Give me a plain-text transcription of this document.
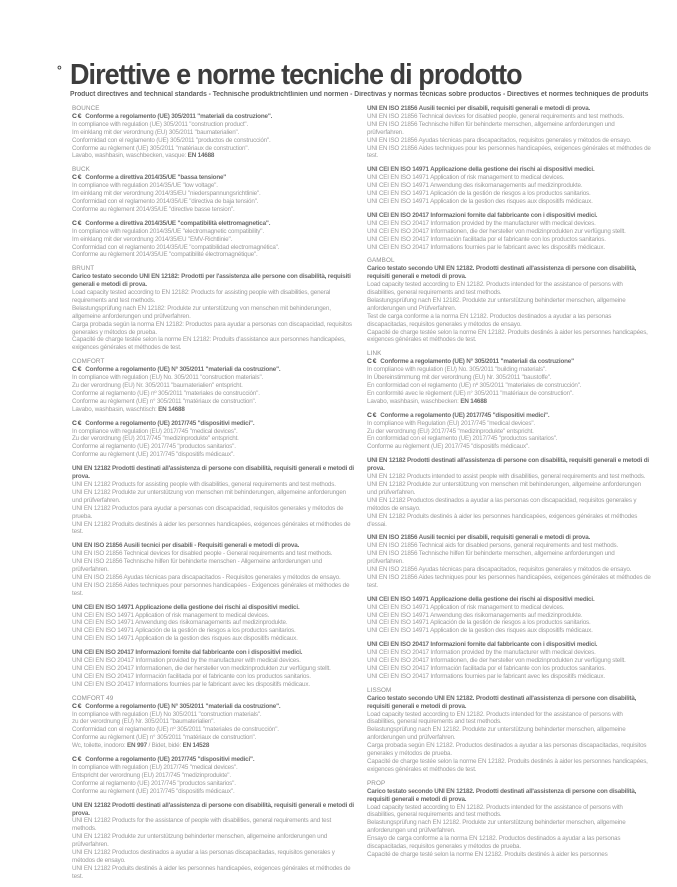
° Direttive e norme tecniche di prodotto
Product directives and technical standards - Technische produktrichtlinien und normen - Directivas y normas técnicas sobre productos - Directives et normes techniques de produits
BOUNCE
C€ Conforme a regolamento (UE) 305/2011 "materiali da costruzione".
In compliance with regulation (UE) 305/2011 "construction product".
Im einklang mit der verordnung (EU) 305/2011 "baumaterialien".
Conformidad con el reglamento (UE) 305/2011 "productos de construcción".
Conforme au règlement (UE) 305/2011 "matériaux de construction".
Lavabo, washbasin, waschbecken, vasque: EN 14688
BUCK
C€ Conforme a direttiva 2014/35/UE "bassa tensione"
In compliance with regulation 2014/35/UE "low voltage".
Im einklang mit der verordnung 2014/35/EU "niederspannungsrichtlinie".
Conformidad con el reglamento 2014/35/UE "directiva de baja tensión".
Conforme au règlement 2014/35/UE "directive basse tension".
C€ Conforme a direttiva 2014/35/UE "compatibilità elettromagnetica".
In compliance with regulation 2014/35/UE "electromagnetic compatibility".
Im einklang mit der verordnung 2014/35/EU "EMV-Richtlinie".
Conformidad con el reglamento 2014/35/UE "compatibilidad electromagnética".
Conforme au règlement 2014/35/UE "compatibilité électromagnétique".
BRUNT
Carico testato secondo UNI EN 12182: Prodotti per l'assistenza alle persone con disabilità, requisiti generali e metodi di prova.
Load capacity tested according to EN 12182: Products for assisting people with disabilities, general requirements and test methods.
Belastungsprüfung nach EN 12182: Produkte zur unterstützung von menschen mit behinderungen, allgemeine anforderungen und prüfverfahren.
Carga probada según la norma EN 12182: Productos para ayudar a personas con discapacidad, requisitos generales y métodos de prueba.
Capacité de charge testée selon la norme EN 12182: Produits d'assistance aux personnes handicapées, exigences générales et méthodes de test.
COMFORT
C€ Conforme a regolamento (UE) N° 305/2011 "materiali da costruzione".
In compliance with regulation (EU) No. 305/2011 "construction materials".
Zu der verordnung (EU) Nr. 305/2011 "baumaterialien" entspricht.
Conforme al reglamento (UE) nº 305/2011 "materiales de construcción".
Conforme au règlement (UE) n° 305/2011 "matériaux de construction".
Lavabo, washbasin, waschtisch: EN 14688
C€ Conforme a regolamento (UE) 2017/745 "dispositivi medici".
In compliance with regulation (EU) 2017/745 "medical devices".
Zu der verordnung (EU) 2017/745 "medizinprodukte" entspricht.
Conforme al reglamento (UE) 2017/745 "productos sanitarios".
Conforme au règlement (UE) 2017/745 "dispositifs médicaux".
UNI EN 12182 Prodotti destinati all'assistenza di persone con disabilità, requisiti generali e metodi di prova.
UNI EN 12182 Products for assisting people with disabilities, general requirements and test methods.
UNI EN 12182 Produkte zur unterstützung von menschen mit behinderungen, allgemeine anforderungen und prüfverfahren.
UNI EN 12182 Productos para ayudar a personas con discapacidad, requisitos generales y métodos de prueba.
UNI EN 12182 Produits destinés à aider les personnes handicapées, exigences générales et méthodes de test.
UNI EN ISO 21856 Ausili tecnici per disabili - Requisiti generali e metodi di prova.
UNI EN ISO 21856 Technical devices for disabled people - General requirements and test methods.
UNI EN ISO 21856 Technische hilfen für behinderte menschen - Allgemeine anforderungen und prüfverfahren.
UNI EN ISO 21856 Ayudas técnicas para discapacitados - Requisitos generales y métodos de ensayo.
UNI EN ISO 21856 Aides techniques pour personnes handicapées - Exigences générales et méthodes de test.
UNI CEI EN ISO 14971 Applicazione della gestione dei rischi ai dispositivi medici.
UNI CEI EN ISO 14971 Application of risk management to medical devices.
UNI CEI EN ISO 14971 Anwendung des risikomanagements auf medizinprodukte.
UNI CEI EN ISO 14971 Aplicación de la gestión de riesgos a los productos sanitarios.
UNI CEI EN ISO 14971 Application de la gestion des risques aux dispositifs médicaux.
UNI CEI EN ISO 20417 Informazioni fornite dal fabbricante con i dispositivi medici.
UNI CEI EN ISO 20417 Information provided by the manufacturer with medical devices.
UNI CEI EN ISO 20417 Informationen, die der hersteller von medizinprodukten zur verfügung stellt.
UNI CEI EN ISO 20417 Información facilitada por el fabricante con los productos sanitarios.
UNI CEI EN ISO 20417 Informations fournies par le fabricant avec les dispositifs médicaux.
COMFORT 49
C€ Conforme a regolamento (UE) N° 305/2011 "materiali da costruzione".
In compliance with regulation (EU) No 305/2011 "construction materials".
zu der verordnung (EU) Nr. 305/2011 "baumaterialien".
Conformidad con el reglamento (UE) nº 305/2011 "materiales de construcción".
Conforme au règlement (UE) n° 305/2011 "matériaux de construction".
Wc, toilette, inodoro: EN 997 / Bidet, bidé: EN 14528
C€ Conforme a regolamento (UE) 2017/745 "dispositivi medici".
In compliance with regulation (EU) 2017/745 "medical devices".
Entspricht der verordnung (EU) 2017/745 "medizinprodukte".
Conforme al reglamento (UE) 2017/745 "productos sanitarios".
Conforme au règlement (UE) 2017/745 "dispositifs médicaux".
UNI EN 12182 Prodotti destinati all'assistenza di persone con disabilità, requisiti generali e metodi di prova.
UNI EN 12182 Products for the assistance of people with disabilities, general requirements and test methods.
UNI EN 12182 Produkte zur unterstützung behinderter menschen, allgemeine anforderungen und prüfverfahren.
UNI EN 12182 Productos destinados a ayudar a las personas discapacitadas, requisitos generales y métodos de ensayo.
UNI EN 12182 Produits destinés à aider les personnes handicapées, exigences générales et méthodes de test.
UNI EN ISO 21856 Ausili tecnici per disabili, requisiti generali e metodi di prova.
UNI EN ISO 21856 Technical devices for disabled people, general requirements and test methods.
UNI EN ISO 21856 Technische hilfen für behinderte menschen, allgemeine anforderungen und prüfverfahren.
UNI EN ISO 21856 Ayudas técnicas para discapacitados, requisitos generales y métodos de ensayo.
UNI EN ISO 21856 Aides techniques pour les personnes handicapées, exigences générales et méthodes de test.
UNI CEI EN ISO 14971 Applicazione della gestione dei rischi ai dispositivi medici.
UNI CEI EN ISO 14971 Application of risk management to medical devices.
UNI CEI EN ISO 14971 Anwendung des risikomanagements auf medizinprodukte.
UNI CEI EN ISO 14971 Aplicación de la gestión de riesgos a los productos sanitarios.
UNI CEI EN ISO 14971 Application de la gestion des risques aux dispositifs médicaux.
UNI CEI EN ISO 20417 Informazioni fornite dal fabbricante con i dispositivi medici.
UNI CEI EN ISO 20417 Information provided by the manufacturer with medical devices.
UNI CEI EN ISO 20417 Informationen, die der hersteller von medizinprodukten zur verfügung stellt.
UNI CEI EN ISO 20417 Información facilitada por el fabricante con los productos sanitarios.
UNI CEI EN ISO 20417 Informations fournies par le fabricant avec les dispositifs médicaux.
GAMBOL
Carico testato secondo UNI EN 12182. Prodotti destinati all'assistenza di persone con disabilità, requisiti generali e metodi di prova.
Load capacity tested according to EN 12182. Products intended for the assistance of persons with disabilities, general requirements and test methods.
Belastungsprüfung nach EN 12182. Produkte zur unterstützung behinderter menschen, allgemeine anforderungen und Prüfverfahren.
Test de carga conforme a la norma EN 12182. Productos destinados a ayudar a las personas discapacitadas, requisitos generales y métodos de ensayo.
Capacité de charge testée selon la norme EN 12182. Produits destinés à aider les personnes handicapées, exigences générales et méthodes de test.
LINK
C€ Conforme a regolamento (UE) N° 305/2011 "materiali da costruzione"
In compliance with regulation (EU) No. 305/2011 "building materials".
In Übereinstimmung mit der verordnung (EU) Nr. 305/2011 "baustoffe".
En conformidad con el reglamento (UE) nº 305/2011 "materiales de construcción".
En conformité avec le règlement (UE) n° 305/2011 "matériaux de construction".
Lavabo, washbasin, waschbecken: EN 14688
C€ Conforme a regolamento (UE) 2017/745 "dispositivi medici".
In compliance with Regulation (EU) 2017/745 "medical devices".
Zu der verordnung (EU) 2017/745 "medizinprodukte" entspricht.
En conformidad con el reglamento (UE) 2017/745 "productos sanitarios".
Conforme au règlement (UE) 2017/745 "dispositifs médicaux".
UNI EN 12182 Prodotti destinati all'assistenza di persone con disabilità, requisiti generali e metodi di prova.
UNI EN 12182 Products intended to assist people with disabilities, general requirements and test methods.
UNI EN 12182 Produkte zur unterstützung von menschen mit behinderungen, allgemeine anforderungen und prüfverfahren.
UNI EN 12182 Productos destinados a ayudar a las personas con discapacidad, requisitos generales y métodos de ensayo.
UNI EN 12182 Produits destinés à aider les personnes handicapées, exigences générales et méthodes d'essai.
UNI EN ISO 21856 Ausili tecnici per disabili, requisiti generali e metodi di prova.
UNI EN ISO 21856 Technical aids for disabled persons, general requirements and test methods.
UNI EN ISO 21856 Technische hilfen für behinderte menschen, allgemeine anforderungen und prüfverfahren.
UNI EN ISO 21856 Ayudas técnicas para discapacitados, requisitos generales y métodos de ensayo.
UNI EN ISO 21856 Aides techniques pour les personnes handicapées, exigences générales et méthodes de test.
UNI CEI EN ISO 14971 Applicazione della gestione dei rischi ai dispositivi medici.
UNI CEI EN ISO 14971 Application of risk management to medical devices.
UNI CEI EN ISO 14971 Anwendung des risikomanagements auf medizinprodukte.
UNI CEI EN ISO 14971 Aplicación de la gestión de riesgos a los productos sanitarios.
UNI CEI EN ISO 14971 Application de la gestion des risques aux dispositifs médicaux.
UNI CEI EN ISO 20417 Informazioni fornite dal fabbricante con i dispositivi medici.
UNI CEI EN ISO 20417 Information provided by the manufacturer with medical devices.
UNI CEI EN ISO 20417 Informationen, die der hersteller von medizinprodukten zur verfügung stellt.
UNI CEI EN ISO 20417 Información facilitada por el fabricante con los productos sanitarios.
UNI CEI EN ISO 20417 Informations fournies par le fabricant avec les dispositifs médicaux.
LISSOM
Carico testato secondo UNI EN 12182. Prodotti destinati all'assistenza di persone con disabilità, requisiti generali e metodi di prova.
Load capacity tested according to EN 12182. Products intended for the assistance of persons with disabilities, general requirements and test methods.
Belastungsprüfung nach EN 12182. Produkte zur unterstützung behinderter menschen, allgemeine anforderungen und prüfverfahren.
Carga probada según EN 12182. Productos destinados a ayudar a las personas discapacitadas, requisitos generales y métodos de prueba.
Capacité de charge testée selon la norme EN 12182. Produits destinés à aider les personnes handicapées, exigences générales et méthodes de test.
PROP
Carico testato secondo UNI EN 12182. Prodotti destinati all'assistenza di persone con disabilità, requisiti generali e metodi di prova.
Load capacity tested according to EN 12182. Products intended for the assistance of persons with disabilities, general requirements and test methods.
Belastungsprüfung nach EN 12182. Produkte zur unterstützung behinderter menschen, allgemeine anforderungen und prüfverfahren.
Ensayo de carga conforme a la norma EN 12182. Productos destinados a ayudar a las personas discapacitadas, requisitos generales y métodos de prueba.
Capacité de charge testé selon la norme EN 12182. Produits destinés à aider les personnes
